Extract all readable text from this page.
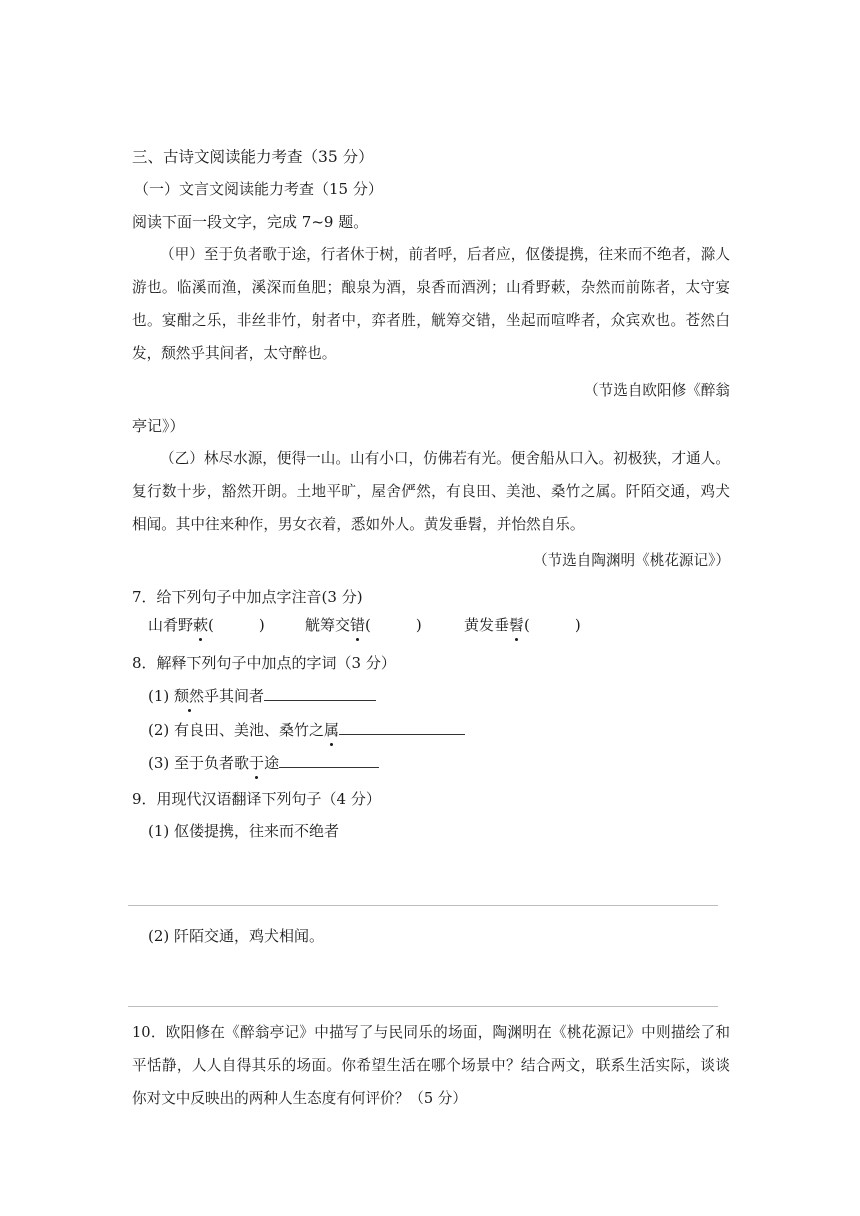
三、古诗文阅读能力考查（35 分）
（一）文言文阅读能力考查（15 分）
阅读下面一段文字，完成 7~9 题。
（甲）至于负者歌于途，行者休于树，前者呼，后者应，伛偻提携，往来而不绝者，滁人游也。临溪而渔，溪深而鱼肥；酿泉为酒，泉香而酒洌；山肴野蔌，杂然而前陈者，太守宴也。宴酣之乐，非丝非竹，射者中，弈者胜，觥筹交错，坐起而喧哗者，众宾欢也。苍然白发，颓然乎其间者，太守醉也。
（节选自欧阳修《醉翁
亭记》）
（乙）林尽水源，便得一山。山有小口，仿佛若有光。便舍船从口入。初极狭，才通人。复行数十步，豁然开朗。土地平旷，屋舍俨然，有良田、美池、桑竹之属。阡陌交通，鸡犬相闻。其中往来种作，男女衣着，悉如外人。黄发垂髫，并怡然自乐。
（节选自陶渊明《桃花源记》）
7．给下列句子中加点字注音(3 分)
山肴野蔌(　　　)	觥筹交错(　　　)	黄发垂髫(　　　)
8．解释下列句子中加点的字词（3 分）
(1) 颓然乎其间者
(2) 有良田、美池、桑竹之属
(3) 至于负者歌于途
9．用现代汉语翻译下列句子（4 分）
(1) 伛偻提携，往来而不绝者
(2) 阡陌交通，鸡犬相闻。
10．欧阳修在《醉翁亭记》中描写了与民同乐的场面，陶渊明在《桃花源记》中则描绘了和平恬静，人人自得其乐的场面。你希望生活在哪个场景中？结合两文，联系生活实际，谈谈你对文中反映出的两种人生态度有何评价？（5 分）
